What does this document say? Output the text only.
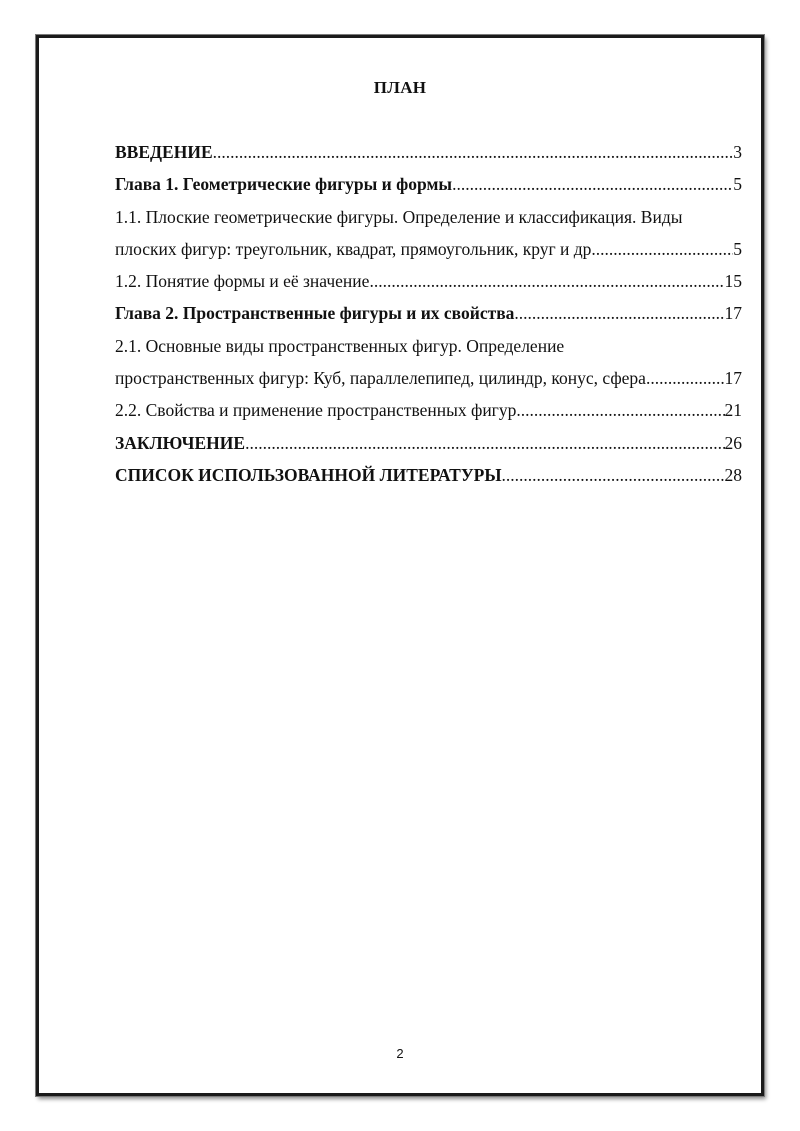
ПЛАН
ВВЕДЕНИЕ .....	3
Глава 1. Геометрические фигуры и формы .....	5
1.1. Плоские геометрические фигуры. Определение и классификация. Виды
плоских фигур: треугольник, квадрат, прямоугольник, круг и др .....	5
1.2. Понятие формы и её значение .....	15
Глава 2. Пространственные фигуры и их свойства .....	17
2.1. Основные виды пространственных фигур. Определение
пространственных фигур: Куб, параллелепипед, цилиндр, конус, сфера .....	17
2.2. Свойства и применение пространственных фигур .....	21
ЗАКЛЮЧЕНИЕ .....	26
СПИСОК ИСПОЛЬЗОВАННОЙ ЛИТЕРАТУРЫ .....	28
2
